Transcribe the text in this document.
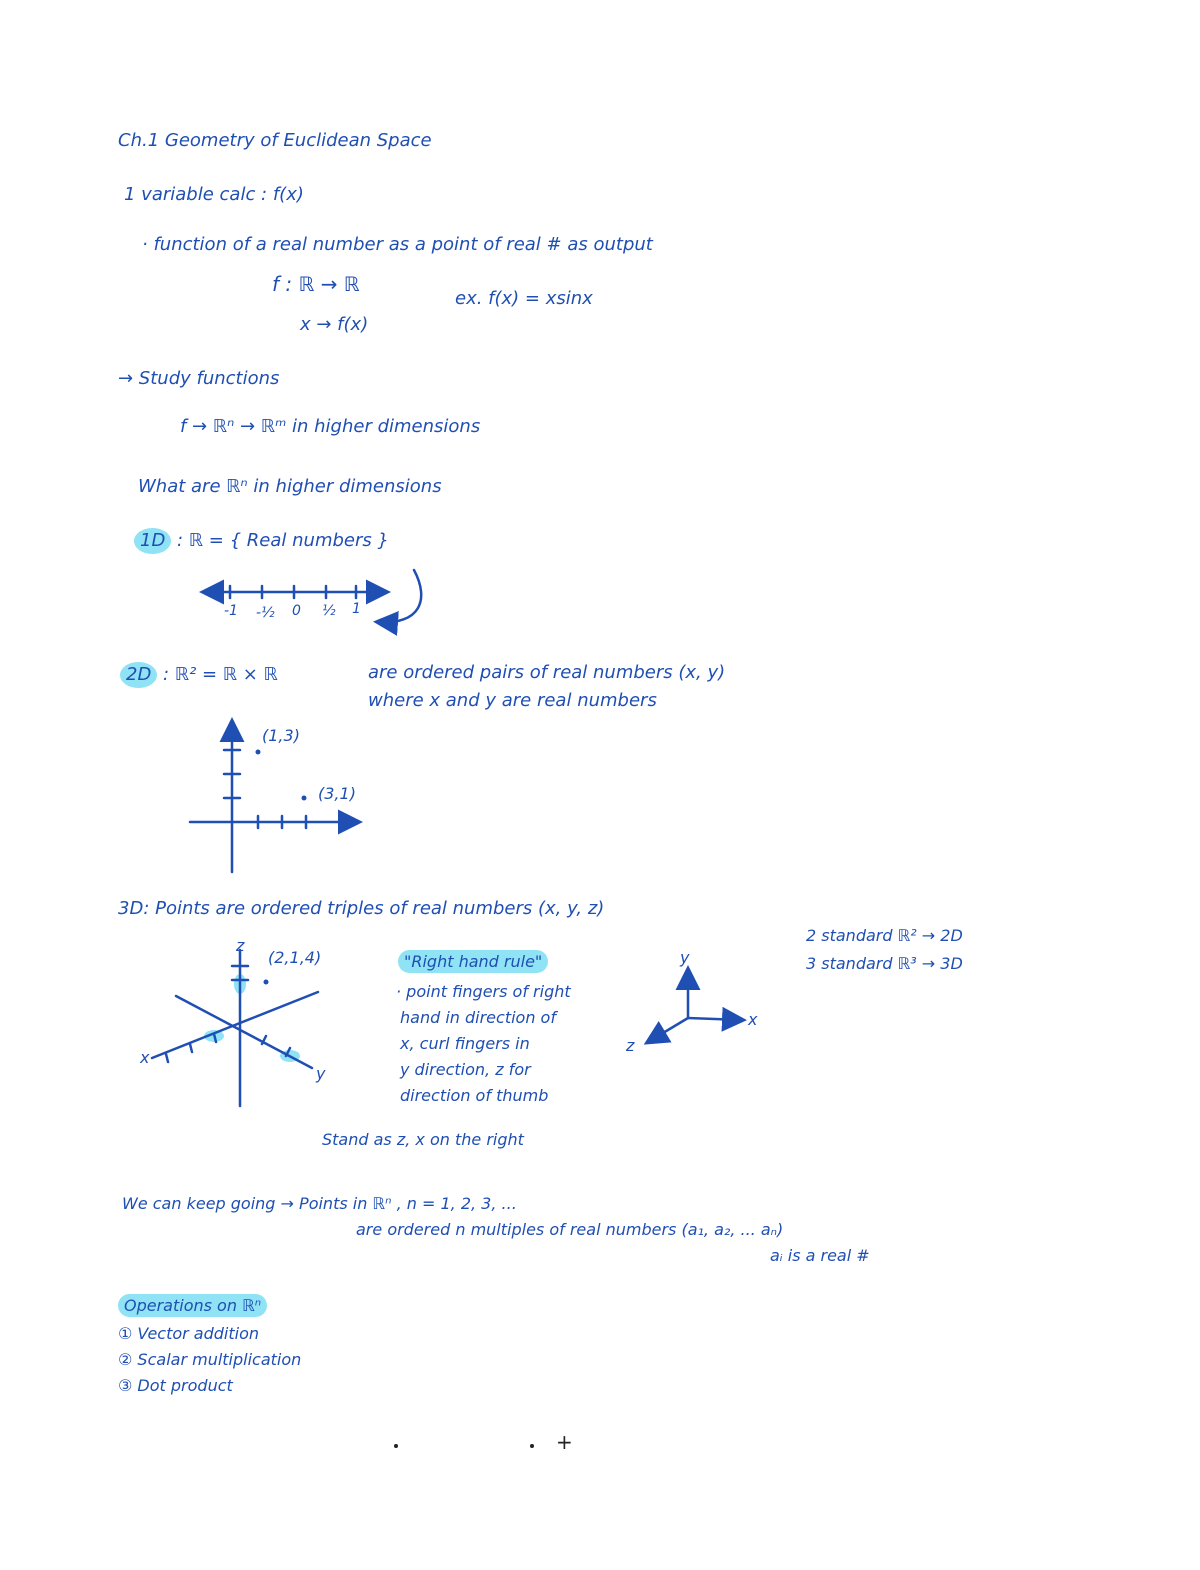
Ch.1 Geometry of Euclidean Space
1 variable calc : f(x)
· function of a real number as a point of real # as output
f : ℝ → ℝ
x → f(x)
ex. f(x) = xsinx
→ Study functions
f → ℝⁿ → ℝᵐ in higher dimensions
What are ℝⁿ in higher dimensions
1D : ℝ = { Real numbers }
-1 -½ 0 ½ 1
2D : ℝ² = ℝ × ℝ	are ordered pairs of real numbers (x, y)
where x and y are real numbers
(1,3)
(3,1)
3D: Points are ordered triples of real numbers (x, y, z)
z
(2,1,4)
x
y
"Right hand rule"
· point fingers of right
hand in direction of
x, curl fingers in
y direction, z for
direction of thumb
Stand as z, x on the right
y
x
z
2 standard ℝ² → 2D
3 standard ℝ³ → 3D
We can keep going → Points in ℝⁿ , n = 1, 2, 3, ...
are ordered n multiples of real numbers (a₁, a₂, ... aₙ)
aᵢ is a real #
Operations on ℝⁿ
① Vector addition
② Scalar multiplication
③ Dot product
+
